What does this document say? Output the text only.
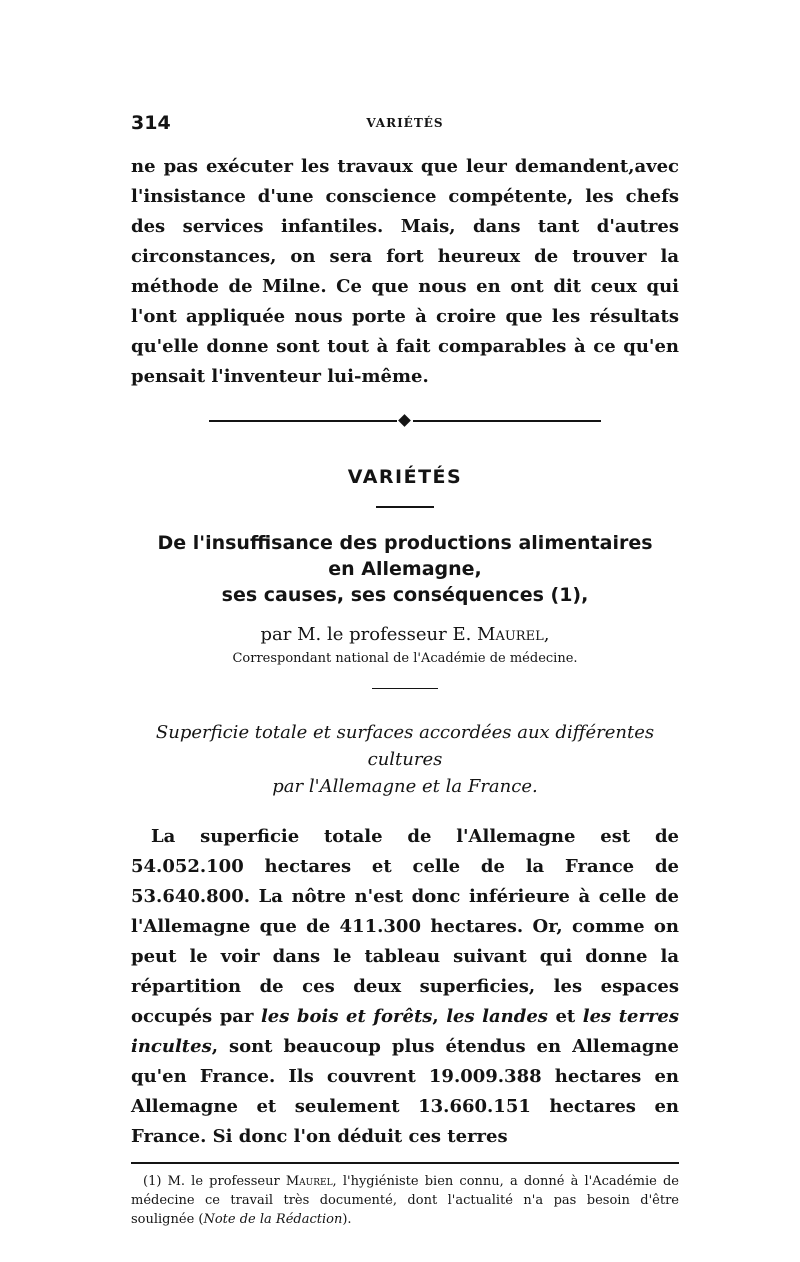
314	VARIÉTÉS

ne pas exécuter les travaux que leur demandent,avec l'insistance d'une conscience compétente, les chefs des services infantiles. Mais, dans tant d'autres circonstances, on sera fort heureux de trouver la méthode de Milne. Ce que nous en ont dit ceux qui l'ont appliquée nous porte à croire que les résultats qu'elle donne sont tout à fait comparables à ce qu'en pensait l'inventeur lui-même.

VARIÉTÉS
De l'insuffisance des productions alimentaires
en Allemagne,
ses causes, ses conséquences (1),
par M. le professeur E. Maurel,
Correspondant national de l'Académie de médecine.
Superficie totale et surfaces accordées aux différentes cultures
par l'Allemagne et la France.

La superficie totale de l'Allemagne est de 54.052.100 hectares et celle de la France de 53.640.800. La nôtre n'est donc inférieure à celle de l'Allemagne que de 411.300 hectares. Or, comme on peut le voir dans le tableau suivant qui donne la répartition de ces deux superficies, les espaces occupés par les bois et forêts, les landes et les terres incultes, sont beaucoup plus étendus en Allemagne qu'en France. Ils couvrent 19.009.388 hectares en Allemagne et seulement 13.660.151 hectares en France. Si donc l'on déduit ces terres

(1) M. le professeur Maurel, l'hygiéniste bien connu, a donné à l'Académie de médecine ce travail très documenté, dont l'actualité n'a pas besoin d'être soulignée (Note de la Rédaction).
